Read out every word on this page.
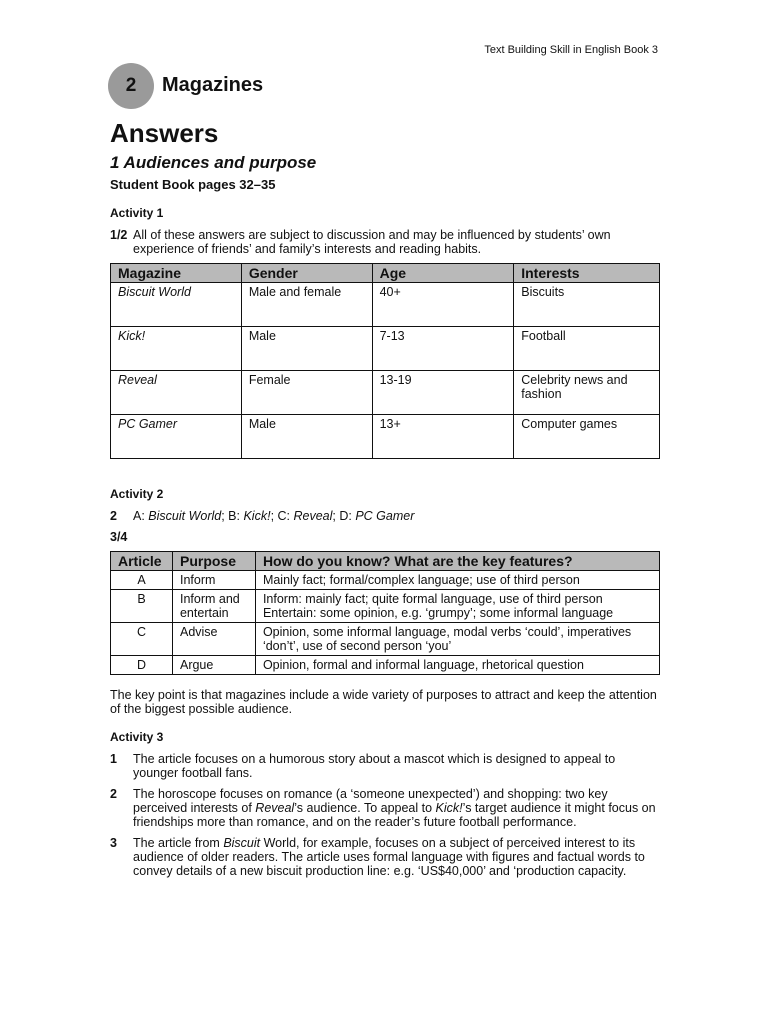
Text Building Skill in English Book 3
2	Magazines
Answers
1 Audiences and purpose
Student Book pages 32–35
Activity 1
1/2 All of these answers are subject to discussion and may be influenced by students’ own
experience of friends’ and family’s interests and reading habits.
Magazine	Gender	Age	Interests
Biscuit World	Male and female	40+	Biscuits
Kick!	Male	7-13	Football
Reveal	Female	13-19	Celebrity news and fashion
PC Gamer	Male	13+	Computer games
Activity 2
2 A: Biscuit World; B: Kick!; C: Reveal; D: PC Gamer
3/4
Article	Purpose	How do you know? What are the key features?
A	Inform	Mainly fact; formal/complex language; use of third person
B	Inform and entertain	Inform: mainly fact; quite formal language, use of third person
Entertain: some opinion, e.g. ‘grumpy’; some informal language

C	Advise	Opinion, some informal language, modal verbs ‘could’, imperatives ‘don’t’, use of second person ‘you’
D	Argue	Opinion, formal and informal language, rhetorical question
The key point is that magazines include a wide variety of purposes to attract and keep the attention of the biggest possible audience.
Activity 3
1 The article focuses on a humorous story about a mascot which is designed to appeal to younger football fans.
2 The horoscope focuses on romance (a ‘someone unexpected’) and shopping: two key perceived interests of Reveal’s audience. To appeal to Kick!’s target audience it might focus on friendships more than romance, and on the reader’s future football performance.
3 The article from Biscuit World, for example, focuses on a subject of perceived interest to its audience of older readers. The article uses formal language with figures and factual words to convey details of a new biscuit production line: e.g. ‘US$40,000’ and ‘production capacity.
